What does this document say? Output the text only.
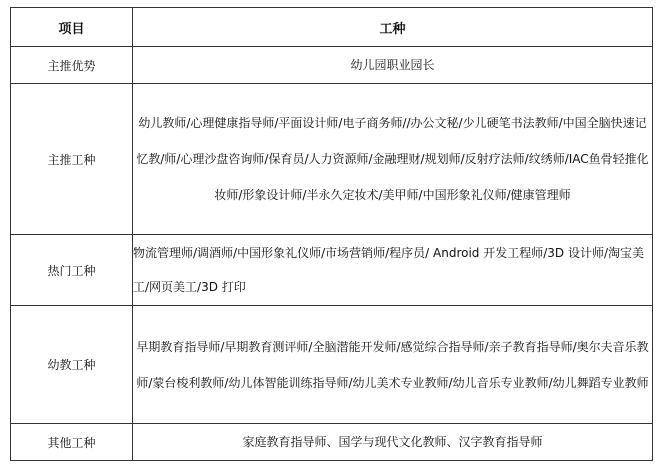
项目	工种
主推优势	幼儿园职业园长
主推工种	幼儿教师/心理健康指导师/平面设计师/电子商务师//办公文秘/少儿硬笔书法教师/中国全脑快速记忆教/师/心理沙盘咨询师/保育员/人力资源师/金融理财/规划师/反射疗法师/纹绣师/IAC鱼骨轻推化妆师/形象设计师/半永久定妆术/美甲师/中国形象礼仪师/健康管理师
热门工种	物流管理师/调酒师/中国形象礼仪师/市场营销师/程序员/ Android 开发工程师/3D 设计师/淘宝美工/网页美工/3D 打印
幼教工种	早期教育指导师/早期教育测评师/全脑潜能开发师/感觉综合指导师/亲子教育指导师/奥尔夫音乐教师/蒙台梭利教师/幼儿体智能训练指导师/幼儿美术专业教师/幼儿音乐专业教师/幼儿舞蹈专业教师
其他工种	家庭教育指导师、国学与现代文化教师、汉字教育指导师
